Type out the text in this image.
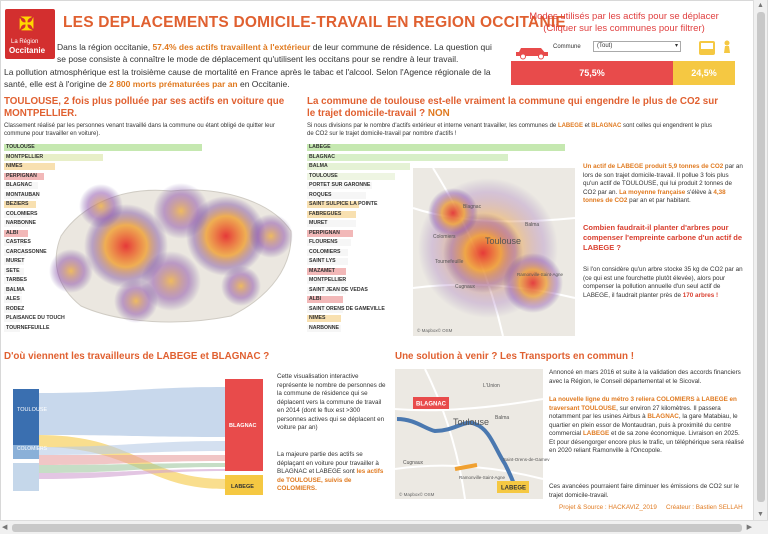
✠
La Région
Occitanie
LES DEPLACEMENTS DOMICILE-TRAVAIL EN REGION OCCITANIE
Dans la région occitanie, 57.4% des actifs travaillent à l'extérieur de leur commune de résidence. La question qui se pose consiste à connaître le mode de déplacement qu'utilisent les occitans pour se rendre à leur travail.
La pollution atmosphérique est la troisième cause de mortalité en France après le tabac et l'alcool. Selon l'Agence régionale de la santé, elle est à l'origine de 2 800 morts prématurées par an en Occitanie.
Modes utilisés par les actifs pour se déplacer (Cliquer sur les communes pour filtrer)
Commune	(Tout)	▾
75,5%	24,5%
TOULOUSE, 2 fois plus polluée par ses actifs en voiture que MONTPELLIER.
Classement réalisé par les personnes venant travaillé dans la commune ou étant obligé de quitter leur commune pour travailler en voiture).
TOULOUSE
MONTPELLIER
NIMES
PERPIGNAN
BLAGNAC
MONTAUBAN
BEZIERS
COLOMIERS
NARBONNE
ALBI
CASTRES
CARCASSONNE
MURET
SETE
TARBES
BALMA
ALES
RODEZ
PLAISANCE DU TOUCH
TOURNEFEUILLE
La commune de toulouse est-elle vraiment la commune qui engendre le plus de CO2 sur le trajet domicile-travail ? NON
Si nous divisions par le nombre d'actifs extérieur et interne venant travailler, les communes de LABEGE et BLAGNAC sont celles qui engendrent le plus de CO2 sur le trajet domicile-travail par nombre d'actifs !
LABEGE
BLAGNAC
BALMA
TOULOUSE
PORTET SUR GARONNE
ROQUES
SAINT SULPICE LA POINTE
FABREGUES
MURET
PERPIGNAN
FLOURENS
COLOMIERS
SAINT LYS
MAZAMET
MONTPELLIER
SAINT JEAN DE VEDAS
ALBI
SAINT ORENS DE GAMEVILLE
NIMES
NARBONNE
Toulouse
Colomiers
Balma
Blagnac
Ramonville-Saint-Agne
Tournefeuille
Cugnaux
© Mapbox© OSM
Un actif de LABEGE produit 5,9 tonnes de CO2 par an lors de son trajet domicile-travail. Il pollue 3 fois plus qu'un actif de TOULOUSE, qui lui produit 2 tonnes de CO2 par an. La moyenne française s'élève à 4,38 tonnes de CO2 par an et par habitant.
Combien faudrait-il planter d'arbres pour compenser l'empreinte carbone d'un actif de LABEGE ?
Si l'on considère qu'un arbre stocke 35 kg de CO2 par an (ce qui est une fourchette plutôt élevée), alors pour compenser la pollution annuelle d'un seul actif de LABEGE, il faudrait planter près de 170 arbres !
D'où viennent les travailleurs de LABEGE et BLAGNAC ?
TOULOUSE
COLOMIERS
BLAGNAC
LABEGE
Cette visualisation interactive représente le nombre de personnes de la commune de résidence qui se déplacent vers la commune de travail en 2014 (dont le flux est >300 personnes actives qui se déplacent en voiture par an)
La majeure partie des actifs se déplaçant en voiture pour travailler à BLAGNAC et LABEGE sont les actifs de TOULOUSE, suivis de COLOMIERS.
Une solution à venir ? Les Transports en commun !
BLAGNAC
LABEGE
Toulouse
L'Union
Balma
Cugnaux
Saint-Orens-de-Gamev
Ramonville-Saint-Agne
© Mapbox© OSM
Annoncé en mars 2016 et suite à la validation des accords financiers avec la Région, le Conseil départemental et le Sicoval.
La nouvelle ligne du métro 3 reliera COLOMIERS à LABEGE en traversant TOULOUSE, sur environ 27 kilomètres. Il passera notamment par les usines Airbus à BLAGNAC, la gare Matabiau, le quartier en plein essor de Montaudran, puis à proximité du centre commercial LABEGE et de sa zone économique. Livraison en 2025. Et pour désengorger encore plus le trafic, un téléphérique sera réalisé en 2020 reliant Ramonville à l'Oncopole.
Ces avancées pourraient faire diminuer les émissions de CO2 sur le trajet domicile-travail.
Projet & Source : HACKAVIZ_2019 Créateur : Bastien SELLAH
▲
▼
◀	▶
